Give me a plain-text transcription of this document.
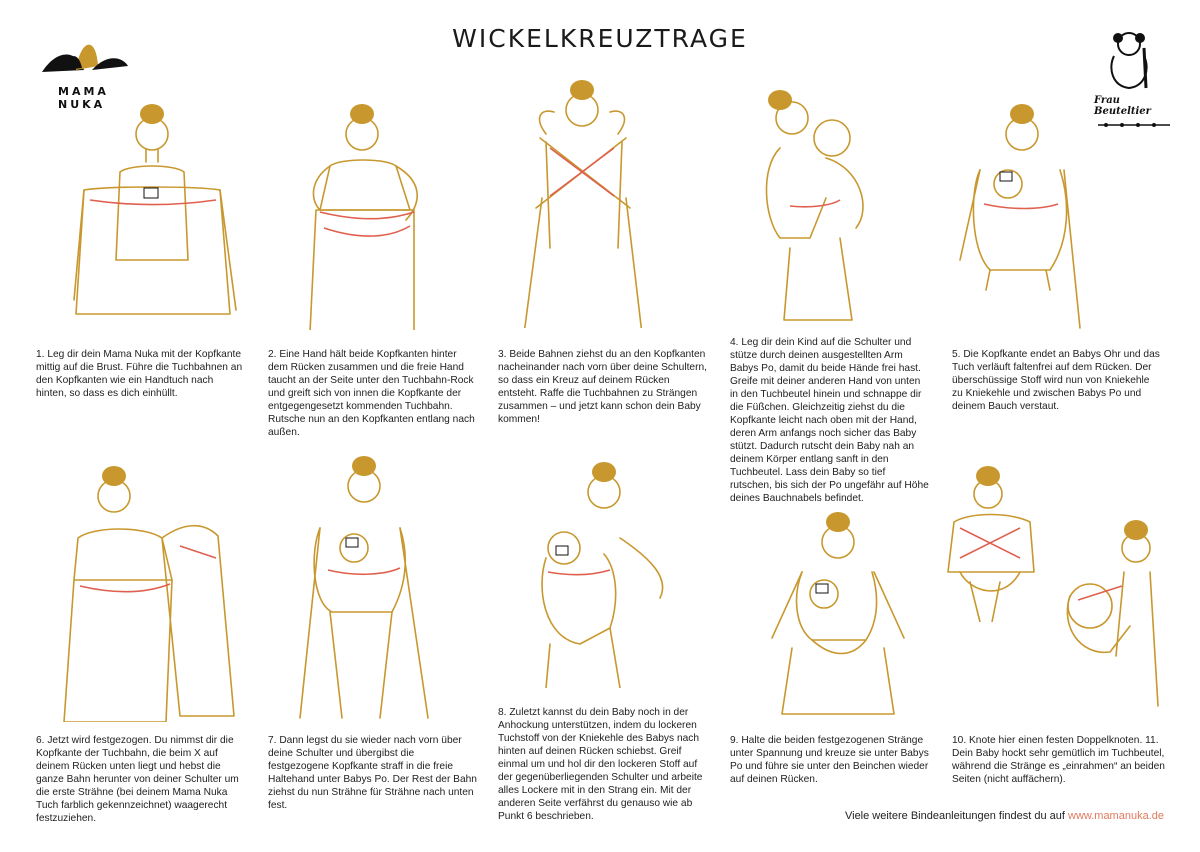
WICKELKREUZTRAGE
MAMA
NUKA	Frau Beuteltier
1. Leg dir dein Mama Nuka mit der Kopfkante mittig auf die Brust. Führe die Tuchbahnen an den Kopfkanten wie ein Handtuch nach hinten, so dass es dich einhüllt.
2. Eine Hand hält beide Kopfkanten hinter dem Rücken zusammen und die freie Hand taucht an der Seite unter den Tuchbahn-Rock und greift sich von innen die Kopfkante der entgegengesetzt kommenden Tuchbahn. Rutsche nun an den Kopfkanten entlang nach außen.
3. Beide Bahnen ziehst du an den Kopfkanten nacheinander nach vorn über deine Schultern, so dass ein Kreuz auf deinem Rücken entsteht. Raffe die Tuchbahnen zu Strängen zusammen – und jetzt kann schon dein Baby kommen!
4. Leg dir dein Kind auf die Schulter und stütze durch deinen ausgestellten Arm Babys Po, damit du beide Hände frei hast. Greife mit deiner anderen Hand von unten in den Tuchbeutel hinein und schnappe dir die Füßchen. Gleichzeitig ziehst du die Kopfkante leicht nach oben mit der Hand, deren Arm anfangs noch sicher das Baby stützt. Dadurch rutscht dein Baby nah an deinem Körper entlang sanft in den Tuchbeutel. Lass dein Baby so tief rutschen, bis sich der Po ungefähr auf Höhe deines Bauchnabels befindet.
5. Die Kopfkante endet an Babys Ohr und das Tuch verläuft faltenfrei auf dem Rücken. Der überschüssige Stoff wird nun von Kniekehle zu Kniekehle und zwischen Babys Po und deinem Bauch verstaut.
6. Jetzt wird festgezogen. Du nimmst dir die Kopfkante der Tuchbahn, die beim X auf deinem Rücken unten liegt und hebst die ganze Bahn herunter von deiner Schulter um die erste Strähne (bei deinem Mama Nuka Tuch farblich gekennzeichnet) waagerecht festzuziehen.
7. Dann legst du sie wieder nach vorn über deine Schulter und übergibst die festgezogene Kopfkante straff in die freie Haltehand unter Babys Po. Der Rest der Bahn ziehst du nun Strähne für Strähne nach unten fest.
8. Zuletzt kannst du dein Baby noch in der Anhockung unterstützen, indem du lockeren Tuchstoff von der Kniekehle des Babys nach hinten auf deinen Rücken schiebst. Greif einmal um und hol dir den lockeren Stoff auf der gegenüberliegenden Schulter und arbeite alles Lockere mit in den Strang ein. Mit der anderen Seite verfährst du genauso wie ab Punkt 6 beschrieben.
9. Halte die beiden festgezogenen Stränge unter Spannung und kreuze sie unter Babys Po und führe sie unter den Beinchen wieder auf deinen Rücken.
10. Knote hier einen festen Doppelknoten. 11. Dein Baby hockt sehr gemütlich im Tuchbeutel, während die Stränge es „einrahmen“ an beiden Seiten (nicht auffächern).
Viele weitere Bindeanleitungen findest du auf www.mamanuka.de
